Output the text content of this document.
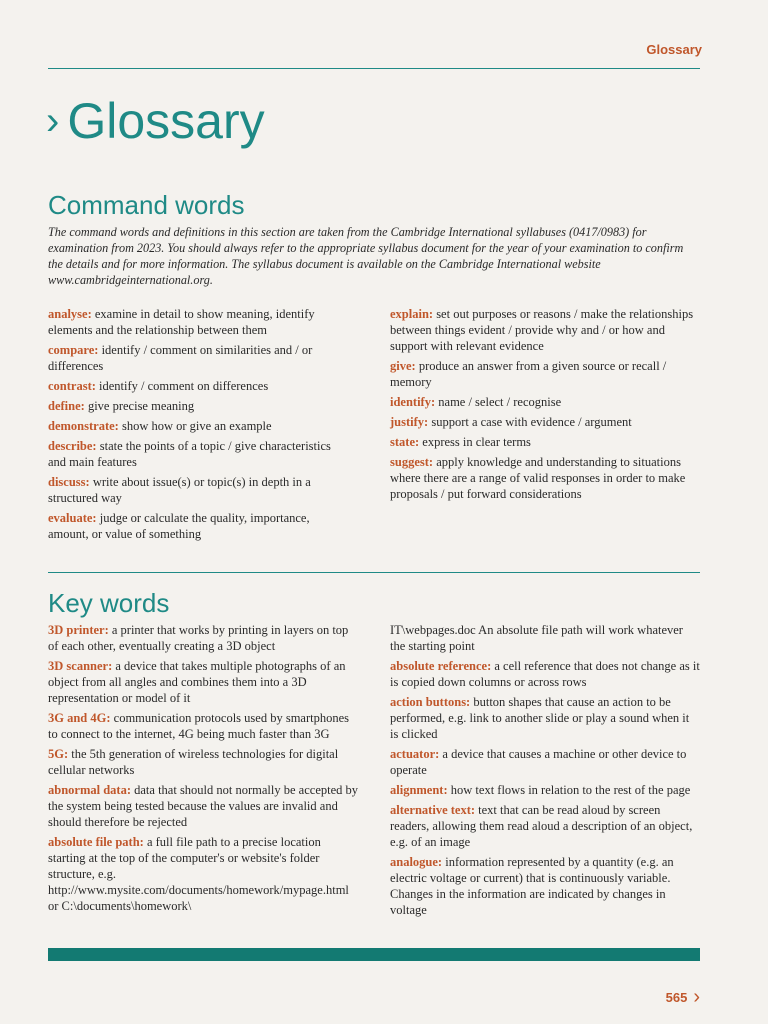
Glossary
› Glossary
Command words
The command words and definitions in this section are taken from the Cambridge International syllabuses (0417/0983) for examination from 2023. You should always refer to the appropriate syllabus document for the year of your examination to confirm the details and for more information. The syllabus document is available on the Cambridge International website www.cambridgeinternational.org.
analyse: examine in detail to show meaning, identify elements and the relationship between them
compare: identify / comment on similarities and / or differences
contrast: identify / comment on differences
define: give precise meaning
demonstrate: show how or give an example
describe: state the points of a topic / give characteristics and main features
discuss: write about issue(s) or topic(s) in depth in a structured way
evaluate: judge or calculate the quality, importance, amount, or value of something
explain: set out purposes or reasons / make the relationships between things evident / provide why and / or how and support with relevant evidence
give: produce an answer from a given source or recall / memory
identify: name / select / recognise
justify: support a case with evidence / argument
state: express in clear terms
suggest: apply knowledge and understanding to situations where there are a range of valid responses in order to make proposals / put forward considerations
Key words
3D printer: a printer that works by printing in layers on top of each other, eventually creating a 3D object
3D scanner: a device that takes multiple photographs of an object from all angles and combines them into a 3D representation or model of it
3G and 4G: communication protocols used by smartphones to connect to the internet, 4G being much faster than 3G
5G: the 5th generation of wireless technologies for digital cellular networks
abnormal data: data that should not normally be accepted by the system being tested because the values are invalid and should therefore be rejected
absolute file path: a full file path to a precise location starting at the top of the computer's or website's folder structure, e.g. http://www.mysite.com/documents/homework/mypage.html or C:\documents\homework\
IT\webpages.doc An absolute file path will work whatever the starting point
absolute reference: a cell reference that does not change as it is copied down columns or across rows
action buttons: button shapes that cause an action to be performed, e.g. link to another slide or play a sound when it is clicked
actuator: a device that causes a machine or other device to operate
alignment: how text flows in relation to the rest of the page
alternative text: text that can be read aloud by screen readers, allowing them read aloud a description of an object, e.g. of an image
analogue: information represented by a quantity (e.g. an electric voltage or current) that is continuously variable. Changes in the information are indicated by changes in voltage
565 ›
